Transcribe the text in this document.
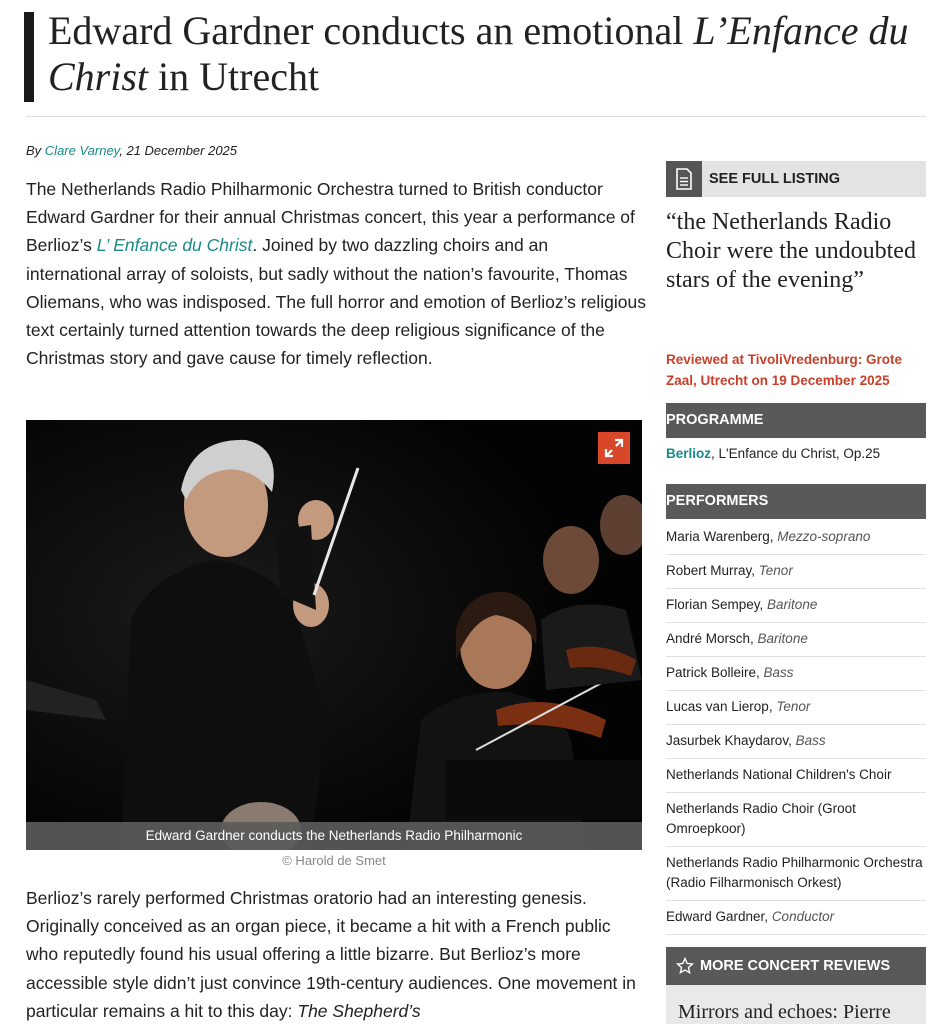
Edward Gardner conducts an emotional L’Enfance du Christ in Utrecht
By Clare Varney, 21 December 2025

The Netherlands Radio Philharmonic Orchestra turned to British conductor Edward Gardner for their annual Christmas concert, this year a performance of Berlioz’s L’ Enfance du Christ. Joined by two dazzling choirs and an international array of soloists, but sadly without the nation’s favourite, Thomas Oliemans, who was indisposed. The full horror and emotion of Berlioz’s religious text certainly turned attention towards the deep religious significance of the Christmas story and gave cause for timely reflection.

Edward Gardner conducts the Netherlands Radio Philharmonic
© Harold de Smet

Berlioz’s rarely performed Christmas oratorio had an interesting genesis. Originally conceived as an organ piece, it became a hit with a French public who reputedly found his usual offering a little bizarre. But Berlioz’s more accessible style didn’t just convince 19th-century audiences. One movement in particular remains a hit to this day: The Shepherd’s

SEE FULL LISTING
“the Netherlands Radio Choir were the undoubted stars of the evening”
Reviewed at TivoliVredenburg: Grote Zaal, Utrecht on 19 December 2025
PROGRAMME
Berlioz, L'Enfance du Christ, Op.25
PERFORMERS
Maria Warenberg, Mezzo-soprano
Robert Murray, Tenor
Florian Sempey, Baritone
André Morsch, Baritone
Patrick Bolleire, Bass
Lucas van Lierop, Tenor
Jasurbek Khaydarov, Bass
Netherlands National Children's Choir
Netherlands Radio Choir (Groot Omroepkoor)
Netherlands Radio Philharmonic Orchestra (Radio Filharmonisch Orkest)
Edward Gardner, Conductor
MORE CONCERT REVIEWS
Mirrors and echoes: Pierre
